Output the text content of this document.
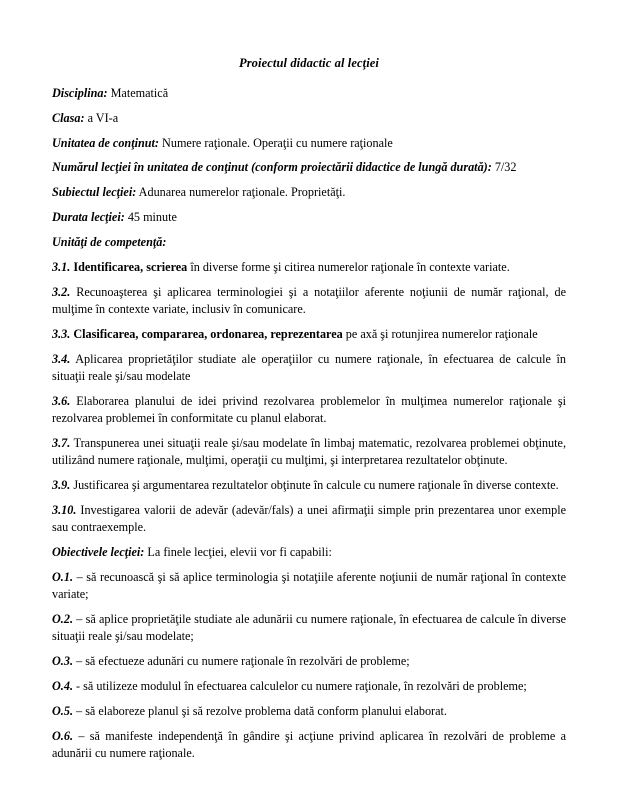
Proiectul didactic al lecţiei

Disciplina: Matematică

Clasa: a VI-a

Unitatea de conţinut: Numere raţionale. Operaţii cu numere raţionale

Numărul lecţiei în unitatea de conţinut (conform proiectării didactice de lungă durată): 7/32

Subiectul lecţiei: Adunarea numerelor raţionale. Proprietăţi.

Durata lecţiei: 45 minute

Unităţi de competenţă:

3.1. Identificarea, scrierea în diverse forme şi citirea numerelor raţionale în contexte variate.

3.2. Recunoaşterea şi aplicarea terminologiei şi a notaţiilor aferente noţiunii de număr raţional, de mulţime în contexte variate, inclusiv în comunicare.

3.3. Clasificarea, compararea, ordonarea, reprezentarea pe axă şi rotunjirea numerelor raţionale

3.4. Aplicarea proprietăţilor studiate ale operaţiilor cu numere raţionale, în efectuarea de calcule în situaţii reale şi/sau modelate

3.6. Elaborarea planului de idei privind rezolvarea problemelor în mulţimea numerelor raţionale şi rezolvarea problemei în conformitate cu planul elaborat.

3.7. Transpunerea unei situaţii reale şi/sau modelate în limbaj matematic, rezolvarea problemei obţinute, utilizând numere raţionale, mulţimi, operaţii cu mulţimi, şi interpretarea rezultatelor obţinute.

3.9. Justificarea şi argumentarea rezultatelor obţinute în calcule cu numere raţionale în diverse contexte.

3.10. Investigarea valorii de adevăr (adevăr/fals) a unei afirmaţii simple prin prezentarea unor exemple sau contraexemple.

Obiectivele lecţiei: La finele lecţiei, elevii vor fi capabili:

O.1. – să recunoască şi să aplice terminologia şi notaţiile aferente noţiunii de număr raţional în contexte variate;

O.2. – să aplice proprietăţile studiate ale adunării cu numere raţionale, în efectuarea de calcule în diverse situaţii reale şi/sau modelate;

O.3. – să efectueze adunări cu numere raţionale în rezolvări de probleme;

O.4. - să utilizeze modulul în efectuarea calculelor cu numere raţionale, în rezolvări de probleme;

O.5. – să elaboreze planul şi să rezolve problema dată conform planului elaborat.

O.6. – să manifeste independenţă în gândire şi acţiune privind aplicarea în rezolvări de probleme a adunării cu numere raţionale.
